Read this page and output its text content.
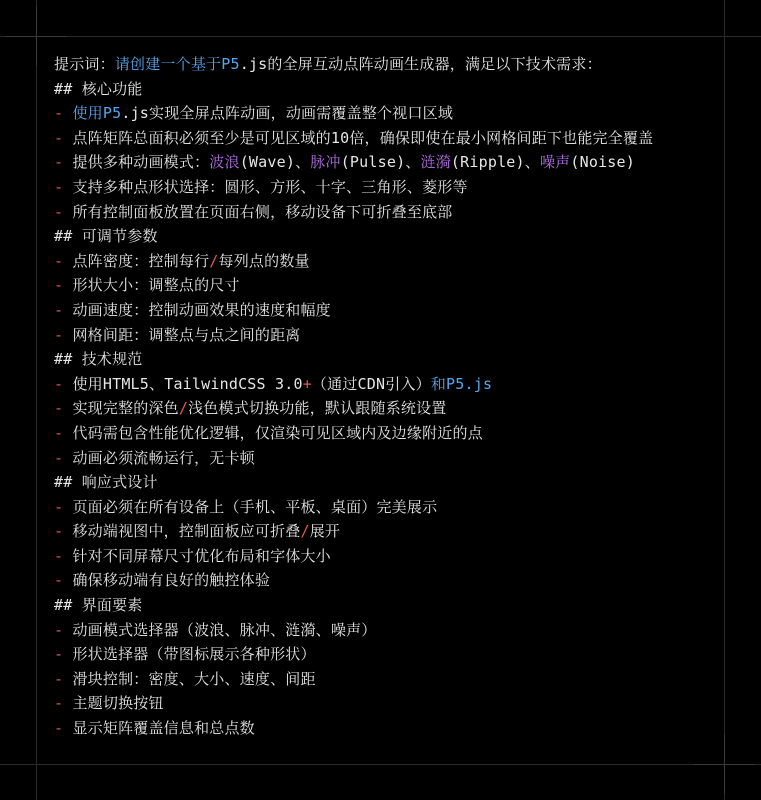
提示词：请创建一个基于P5.js的全屏互动点阵动画生成器，满足以下技术需求：
## 核心功能
- 使用P5.js实现全屏点阵动画，动画需覆盖整个视口区域
- 点阵矩阵总面积必须至少是可见区域的10倍，确保即使在最小网格间距下也能完全覆盖
- 提供多种动画模式：波浪(Wave)、脉冲(Pulse)、涟漪(Ripple)、噪声(Noise)
- 支持多种点形状选择：圆形、方形、十字、三角形、菱形等
- 所有控制面板放置在页面右侧，移动设备下可折叠至底部
## 可调节参数
- 点阵密度：控制每行/每列点的数量
- 形状大小：调整点的尺寸
- 动画速度：控制动画效果的速度和幅度
- 网格间距：调整点与点之间的距离
## 技术规范
- 使用HTML5、TailwindCSS 3.0+（通过CDN引入）和P5.js
- 实现完整的深色/浅色模式切换功能，默认跟随系统设置
- 代码需包含性能优化逻辑，仅渲染可见区域内及边缘附近的点
- 动画必须流畅运行，无卡顿
## 响应式设计
- 页面必须在所有设备上（手机、平板、桌面）完美展示
- 移动端视图中，控制面板应可折叠/展开
- 针对不同屏幕尺寸优化布局和字体大小
- 确保移动端有良好的触控体验
## 界面要素
- 动画模式选择器（波浪、脉冲、涟漪、噪声）
- 形状选择器（带图标展示各种形状）
- 滑块控制：密度、大小、速度、间距
- 主题切换按钮
- 显示矩阵覆盖信息和总点数
